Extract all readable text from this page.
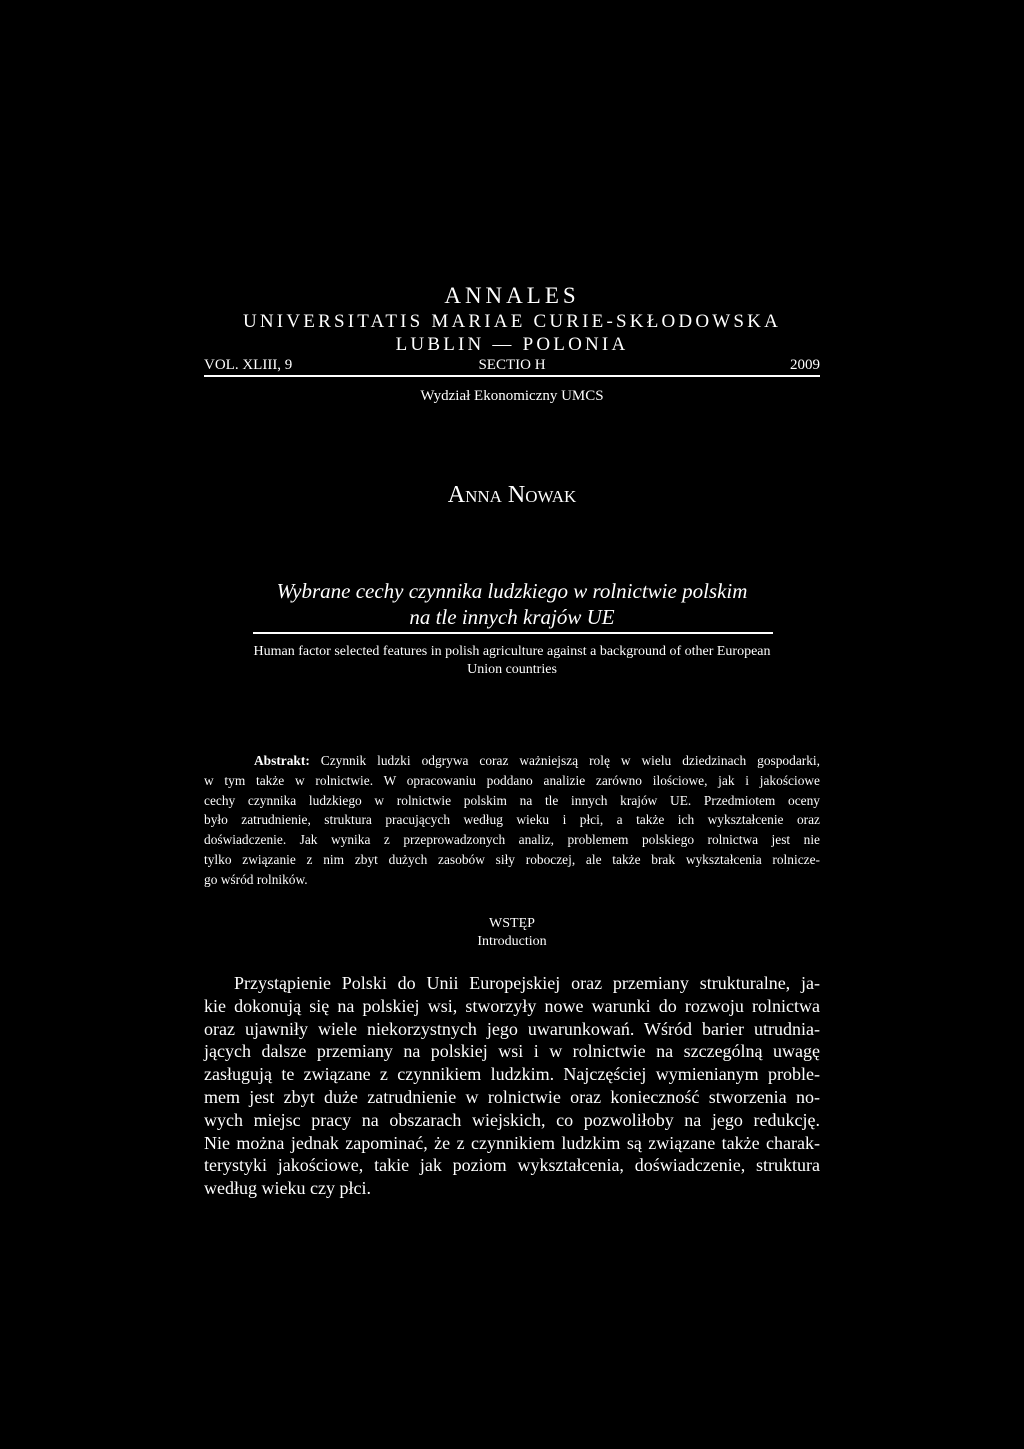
ANNALES
UNIVERSITATIS MARIAE CURIE-SKŁODOWSKA
LUBLIN — POLONIA
VOL. XLIII, 9	SECTIO H	2009
Wydział Ekonomiczny UMCS
Anna Nowak
Wybrane cechy czynnika ludzkiego w rolnictwie polskim
na tle innych krajów UE
Human factor selected features in polish agriculture against a background of other European
Union countries
Abstrakt: Czynnik ludzki odgrywa coraz ważniejszą rolę w wielu dziedzinach gospodarki,
w tym także w rolnictwie. W opracowaniu poddano analizie zarówno ilościowe, jak i jakościowe
cechy czynnika ludzkiego w rolnictwie polskim na tle innych krajów UE. Przedmiotem oceny
było zatrudnienie, struktura pracujących według wieku i płci, a także ich wykształcenie oraz
doświadczenie. Jak wynika z przeprowadzonych analiz, problemem polskiego rolnictwa jest nie
tylko związanie z nim zbyt dużych zasobów siły roboczej, ale także brak wykształcenia rolnicze-
go wśród rolników.
WSTĘP
Introduction
Przystąpienie Polski do Unii Europejskiej oraz przemiany strukturalne, ja-
kie dokonują się na polskiej wsi, stworzyły nowe warunki do rozwoju rolnictwa
oraz ujawniły wiele niekorzystnych jego uwarunkowań. Wśród barier utrudnia-
jących dalsze przemiany na polskiej wsi i w rolnictwie na szczególną uwagę
zasługują te związane z czynnikiem ludzkim. Najczęściej wymienianym proble-
mem jest zbyt duże zatrudnienie w rolnictwie oraz konieczność stworzenia no-
wych miejsc pracy na obszarach wiejskich, co pozwoliłoby na jego redukcję.
Nie można jednak zapominać, że z czynnikiem ludzkim są związane także charak-
terystyki jakościowe, takie jak poziom wykształcenia, doświadczenie, struktura
według wieku czy płci.
